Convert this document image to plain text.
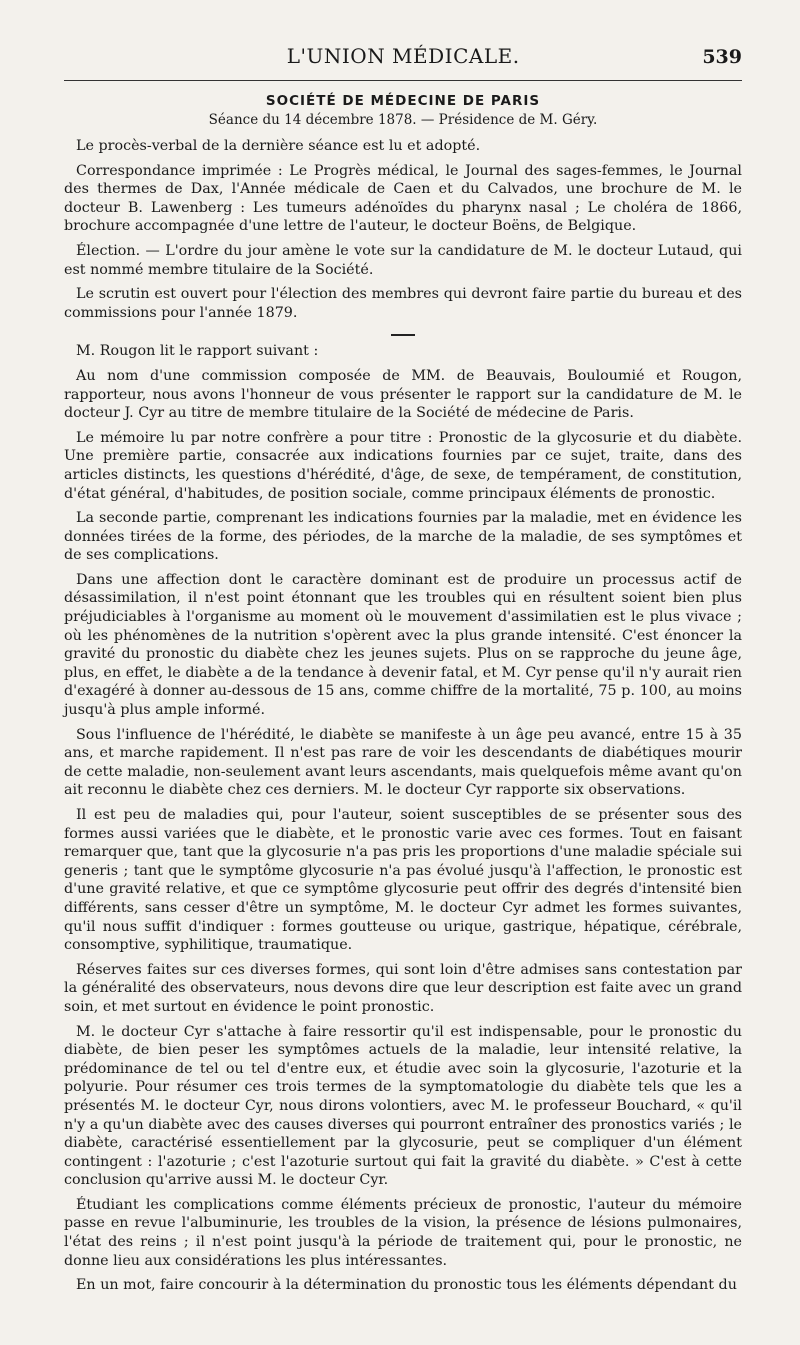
L'UNION MÉDICALE.	539
SOCIÉTÉ DE MÉDECINE DE PARIS
Séance du 14 décembre 1878. — Présidence de M. Géry.

Le procès-verbal de la dernière séance est lu et adopté.

Correspondance imprimée : Le Progrès médical, le Journal des sages-femmes, le Journal des thermes de Dax, l'Année médicale de Caen et du Calvados, une brochure de M. le docteur B. Lawenberg : Les tumeurs adénoïdes du pharynx nasal ; Le choléra de 1866, brochure accompagnée d'une lettre de l'auteur, le docteur Boëns, de Belgique.

Élection. — L'ordre du jour amène le vote sur la candidature de M. le docteur Lutaud, qui est nommé membre titulaire de la Société.

Le scrutin est ouvert pour l'élection des membres qui devront faire partie du bureau et des commissions pour l'année 1879.

M. Rougon lit le rapport suivant :

Au nom d'une commission composée de MM. de Beauvais, Bouloumié et Rougon, rapporteur, nous avons l'honneur de vous présenter le rapport sur la candidature de M. le docteur J. Cyr au titre de membre titulaire de la Société de médecine de Paris.

Le mémoire lu par notre confrère a pour titre : Pronostic de la glycosurie et du diabète. Une première partie, consacrée aux indications fournies par ce sujet, traite, dans des articles distincts, les questions d'hérédité, d'âge, de sexe, de tempérament, de constitution, d'état général, d'habitudes, de position sociale, comme principaux éléments de pronostic.

La seconde partie, comprenant les indications fournies par la maladie, met en évidence les données tirées de la forme, des périodes, de la marche de la maladie, de ses symptômes et de ses complications.

Dans une affection dont le caractère dominant est de produire un processus actif de désassimilation, il n'est point étonnant que les troubles qui en résultent soient bien plus préjudiciables à l'organisme au moment où le mouvement d'assimilatien est le plus vivace ; où les phénomènes de la nutrition s'opèrent avec la plus grande intensité. C'est énoncer la gravité du pronostic du diabète chez les jeunes sujets. Plus on se rapproche du jeune âge, plus, en effet, le diabète a de la tendance à devenir fatal, et M. Cyr pense qu'il n'y aurait rien d'exagéré à donner au-dessous de 15 ans, comme chiffre de la mortalité, 75 p. 100, au moins jusqu'à plus ample informé.

Sous l'influence de l'hérédité, le diabète se manifeste à un âge peu avancé, entre 15 à 35 ans, et marche rapidement. Il n'est pas rare de voir les descendants de diabétiques mourir de cette maladie, non-seulement avant leurs ascendants, mais quelquefois même avant qu'on ait reconnu le diabète chez ces derniers. M. le docteur Cyr rapporte six observations.

Il est peu de maladies qui, pour l'auteur, soient susceptibles de se présenter sous des formes aussi variées que le diabète, et le pronostic varie avec ces formes. Tout en faisant remarquer que, tant que la glycosurie n'a pas pris les proportions d'une maladie spéciale sui generis ; tant que le symptôme glycosurie n'a pas évolué jusqu'à l'affection, le pronostic est d'une gravité relative, et que ce symptôme glycosurie peut offrir des degrés d'intensité bien différents, sans cesser d'être un symptôme, M. le docteur Cyr admet les formes suivantes, qu'il nous suffit d'indiquer : formes goutteuse ou urique, gastrique, hépatique, cérébrale, consomptive, syphilitique, traumatique.

Réserves faites sur ces diverses formes, qui sont loin d'être admises sans contestation par la généralité des observateurs, nous devons dire que leur description est faite avec un grand soin, et met surtout en évidence le point pronostic.

M. le docteur Cyr s'attache à faire ressortir qu'il est indispensable, pour le pronostic du diabète, de bien peser les symptômes actuels de la maladie, leur intensité relative, la prédominance de tel ou tel d'entre eux, et étudie avec soin la glycosurie, l'azoturie et la polyurie. Pour résumer ces trois termes de la symptomatologie du diabète tels que les a présentés M. le docteur Cyr, nous dirons volontiers, avec M. le professeur Bouchard, « qu'il n'y a qu'un diabète avec des causes diverses qui pourront entraîner des pronostics variés ; le diabète, caractérisé essentiellement par la glycosurie, peut se compliquer d'un élément contingent : l'azoturie ; c'est l'azoturie surtout qui fait la gravité du diabète. » C'est à cette conclusion qu'arrive aussi M. le docteur Cyr.

Étudiant les complications comme éléments précieux de pronostic, l'auteur du mémoire passe en revue l'albuminurie, les troubles de la vision, la présence de lésions pulmonaires, l'état des reins ; il n'est point jusqu'à la période de traitement qui, pour le pronostic, ne donne lieu aux considérations les plus intéressantes.

En un mot, faire concourir à la détermination du pronostic tous les éléments dépendant du
